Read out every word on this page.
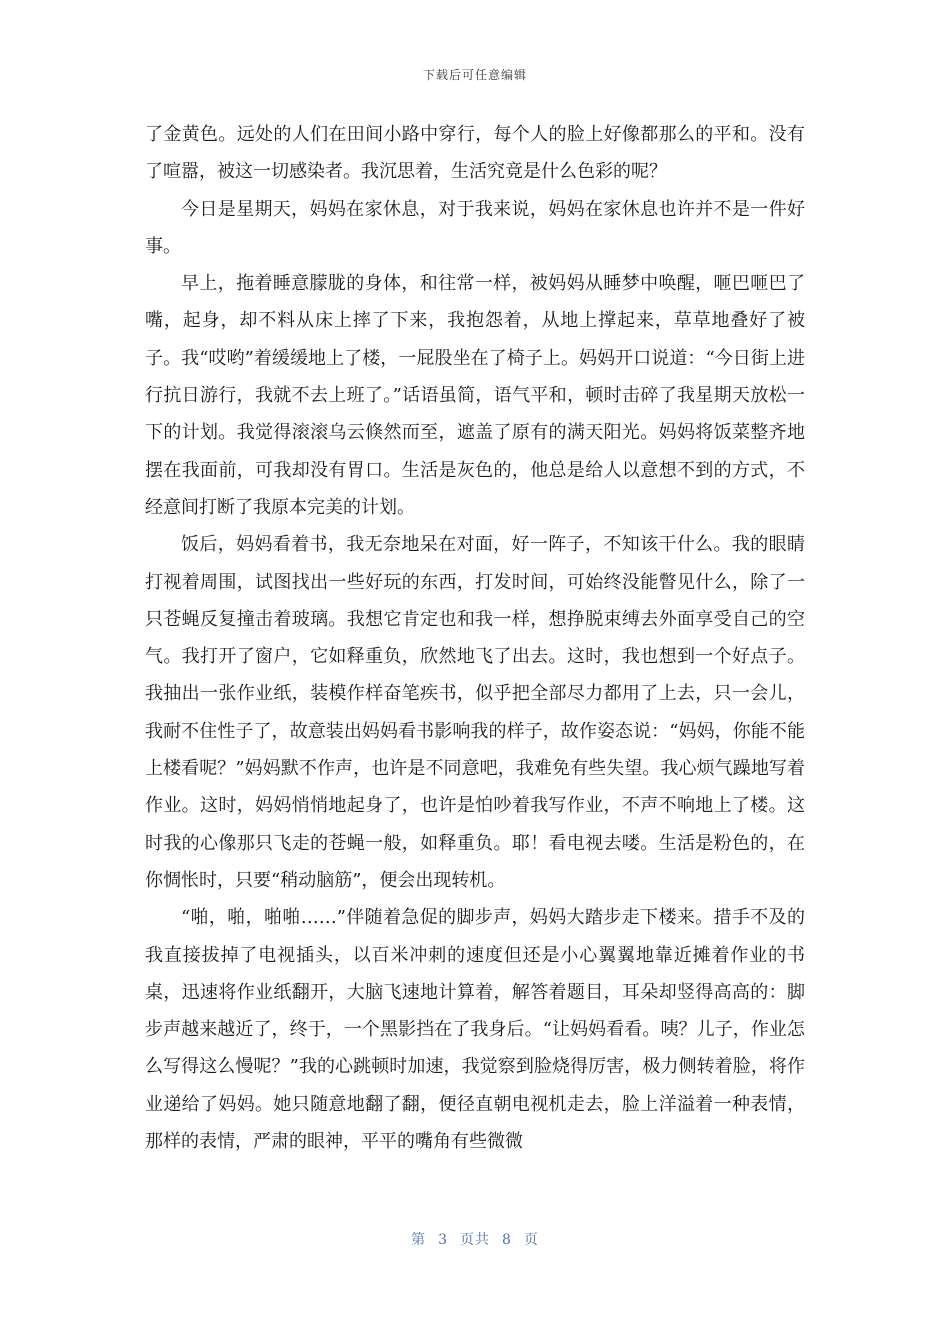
下载后可任意编辑

了金黄色。远处的人们在田间小路中穿行，每个人的脸上好像都那么的平和。没有了喧嚣，被这一切感染者。我沉思着，生活究竟是什么色彩的呢？

今日是星期天，妈妈在家休息，对于我来说，妈妈在家休息也许并不是一件好事。

早上，拖着睡意朦胧的身体，和往常一样，被妈妈从睡梦中唤醒，咂巴咂巴了嘴，起身，却不料从床上摔了下来，我抱怨着，从地上撑起来，草草地叠好了被子。我“哎哟”着缓缓地上了楼，一屁股坐在了椅子上。妈妈开口说道：“今日街上进行抗日游行，我就不去上班了。”话语虽简，语气平和，顿时击碎了我星期天放松一下的计划。我觉得滚滚乌云倏然而至，遮盖了原有的满天阳光。妈妈将饭菜整齐地摆在我面前，可我却没有胃口。生活是灰色的，他总是给人以意想不到的方式，不经意间打断了我原本完美的计划。

饭后，妈妈看着书，我无奈地呆在对面，好一阵子，不知该干什么。我的眼睛打视着周围，试图找出一些好玩的东西，打发时间，可始终没能瞥见什么，除了一只苍蝇反复撞击着玻璃。我想它肯定也和我一样，想挣脱束缚去外面享受自己的空气。我打开了窗户，它如释重负，欣然地飞了出去。这时，我也想到一个好点子。我抽出一张作业纸，装模作样奋笔疾书，似乎把全部尽力都用了上去，只一会儿，我耐不住性子了，故意装出妈妈看书影响我的样子，故作姿态说：“妈妈，你能不能上楼看呢？”妈妈默不作声，也许是不同意吧，我难免有些失望。我心烦气躁地写着作业。这时，妈妈悄悄地起身了，也许是怕吵着我写作业，不声不响地上了楼。这时我的心像那只飞走的苍蝇一般，如释重负。耶！看电视去喽。生活是粉色的，在你惆怅时，只要“稍动脑筋”，便会出现转机。

“啪，啪，啪啪……”伴随着急促的脚步声，妈妈大踏步走下楼来。措手不及的我直接拔掉了电视插头，以百米冲刺的速度但还是小心翼翼地靠近摊着作业的书桌，迅速将作业纸翻开，大脑飞速地计算着，解答着题目，耳朵却竖得高高的：脚步声越来越近了，终于，一个黑影挡在了我身后。“让妈妈看看。咦？儿子，作业怎么写得这么慢呢？”我的心跳顿时加速，我觉察到脸烧得厉害，极力侧转着脸，将作业递给了妈妈。她只随意地翻了翻，便径直朝电视机走去，脸上洋溢着一种表情，那样的表情，严肃的眼神，平平的嘴角有些微微

第 3 页共 8 页
